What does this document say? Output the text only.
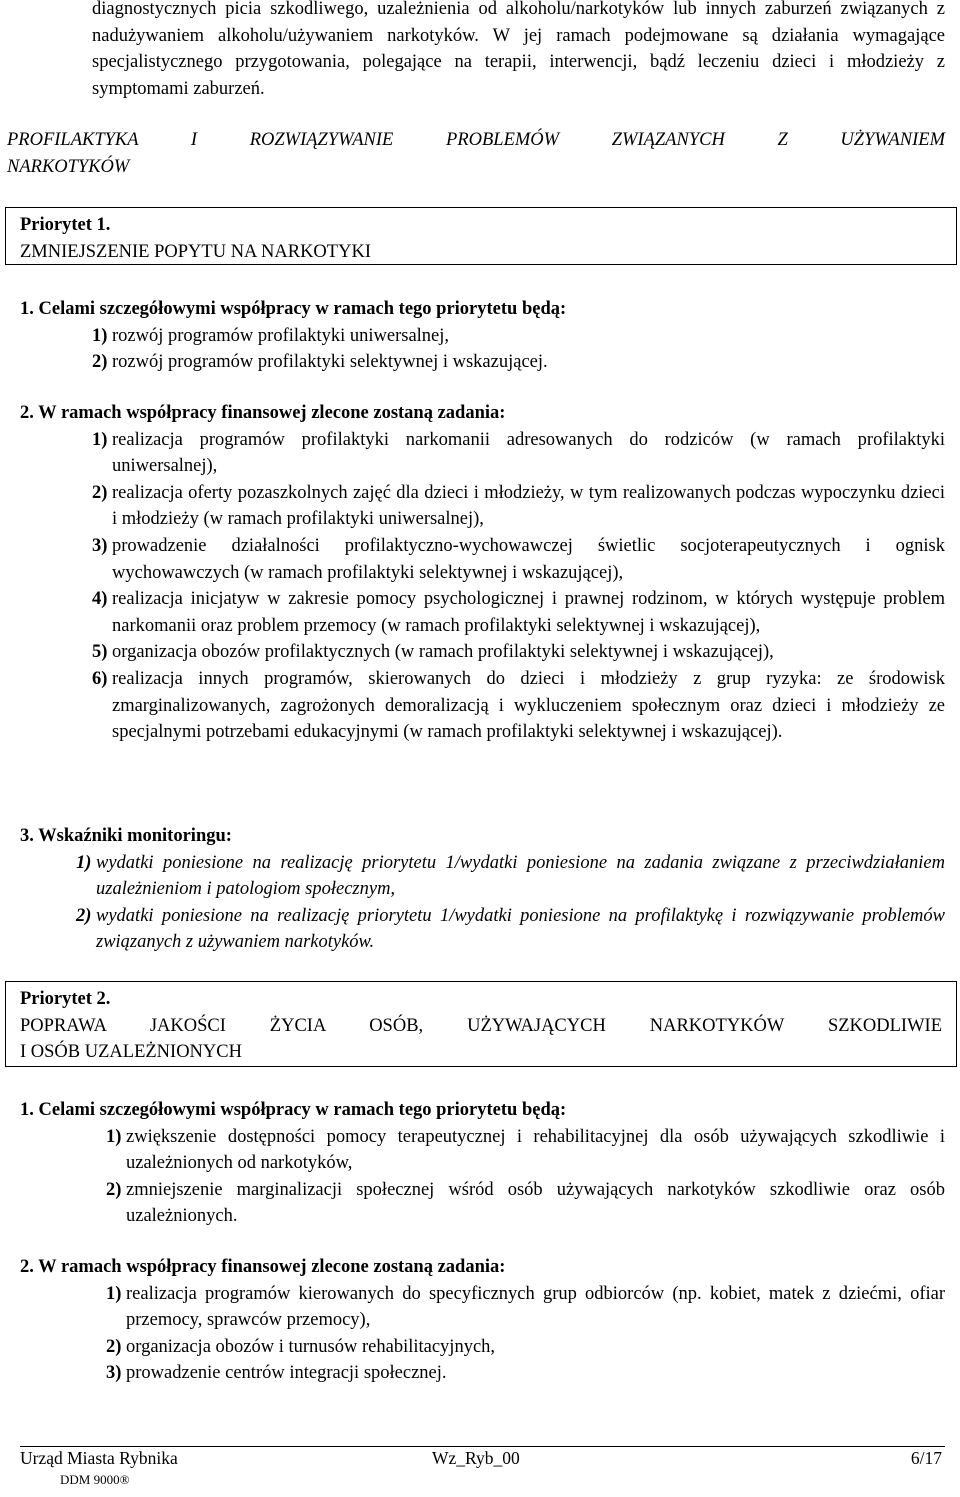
diagnostycznych picia szkodliwego, uzależnienia od alkoholu/narkotyków lub innych zaburzeń związanych z nadużywaniem alkoholu/używaniem narkotyków. W jej ramach podejmowane są działania wymagające specjalistycznego przygotowania, polegające na terapii, interwencji, bądź leczeniu dzieci i młodzieży z symptomami zaburzeń.
PROFILAKTYKA I ROZWIĄZYWANIE PROBLEMÓW ZWIĄZANYCH Z UŻYWANIEM
NARKOTYKÓW
Priorytet 1.
ZMNIEJSZENIE POPYTU NA NARKOTYKI
1. Celami szczegółowymi współpracy w ramach tego priorytetu będą:
1) rozwój programów profilaktyki uniwersalnej,
2) rozwój programów profilaktyki selektywnej i wskazującej.
2. W ramach współpracy finansowej zlecone zostaną zadania:
1) realizacja programów profilaktyki narkomanii adresowanych do rodziców (w ramach profilaktyki uniwersalnej),
2) realizacja oferty pozaszkolnych zajęć dla dzieci i młodzieży, w tym realizowanych podczas wypoczynku dzieci i młodzieży (w ramach profilaktyki uniwersalnej),
3) prowadzenie działalności profilaktyczno-wychowawczej świetlic socjoterapeutycznych i ognisk wychowawczych (w ramach profilaktyki selektywnej i wskazującej),
4) realizacja inicjatyw w zakresie pomocy psychologicznej i prawnej rodzinom, w których występuje problem narkomanii oraz problem przemocy (w ramach profilaktyki selektywnej i wskazującej),
5) organizacja obozów profilaktycznych (w ramach profilaktyki selektywnej i wskazującej),
6) realizacja innych programów, skierowanych do dzieci i młodzieży z grup ryzyka: ze środowisk zmarginalizowanych, zagrożonych demoralizacją i wykluczeniem społecznym oraz dzieci i młodzieży ze specjalnymi potrzebami edukacyjnymi (w ramach profilaktyki selektywnej i wskazującej).
3. Wskaźniki monitoringu:
1) wydatki poniesione na realizację priorytetu 1/wydatki poniesione na zadania związane z przeciwdziałaniem uzależnieniom i patologiom społecznym,
2) wydatki poniesione na realizację priorytetu 1/wydatki poniesione na profilaktykę i rozwiązywanie problemów związanych z używaniem narkotyków.
Priorytet 2.
POPRAWA JAKOŚCI ŻYCIA OSÓB, UŻYWAJĄCYCH NARKOTYKÓW SZKODLIWIE
I OSÓB UZALEŻNIONYCH
1. Celami szczegółowymi współpracy w ramach tego priorytetu będą:
1) zwiększenie dostępności pomocy terapeutycznej i rehabilitacyjnej dla osób używających szkodliwie i uzależnionych od narkotyków,
2) zmniejszenie marginalizacji społecznej wśród osób używających narkotyków szkodliwie oraz osób uzależnionych.
2. W ramach współpracy finansowej zlecone zostaną zadania:
1) realizacja programów kierowanych do specyficznych grup odbiorców (np. kobiet, matek z dziećmi, ofiar przemocy, sprawców przemocy),
2) organizacja obozów i turnusów rehabilitacyjnych,
3) prowadzenie centrów integracji społecznej.
Urząd Miasta Rybnika	Wz_Ryb_00	6/17
DDM 9000®
